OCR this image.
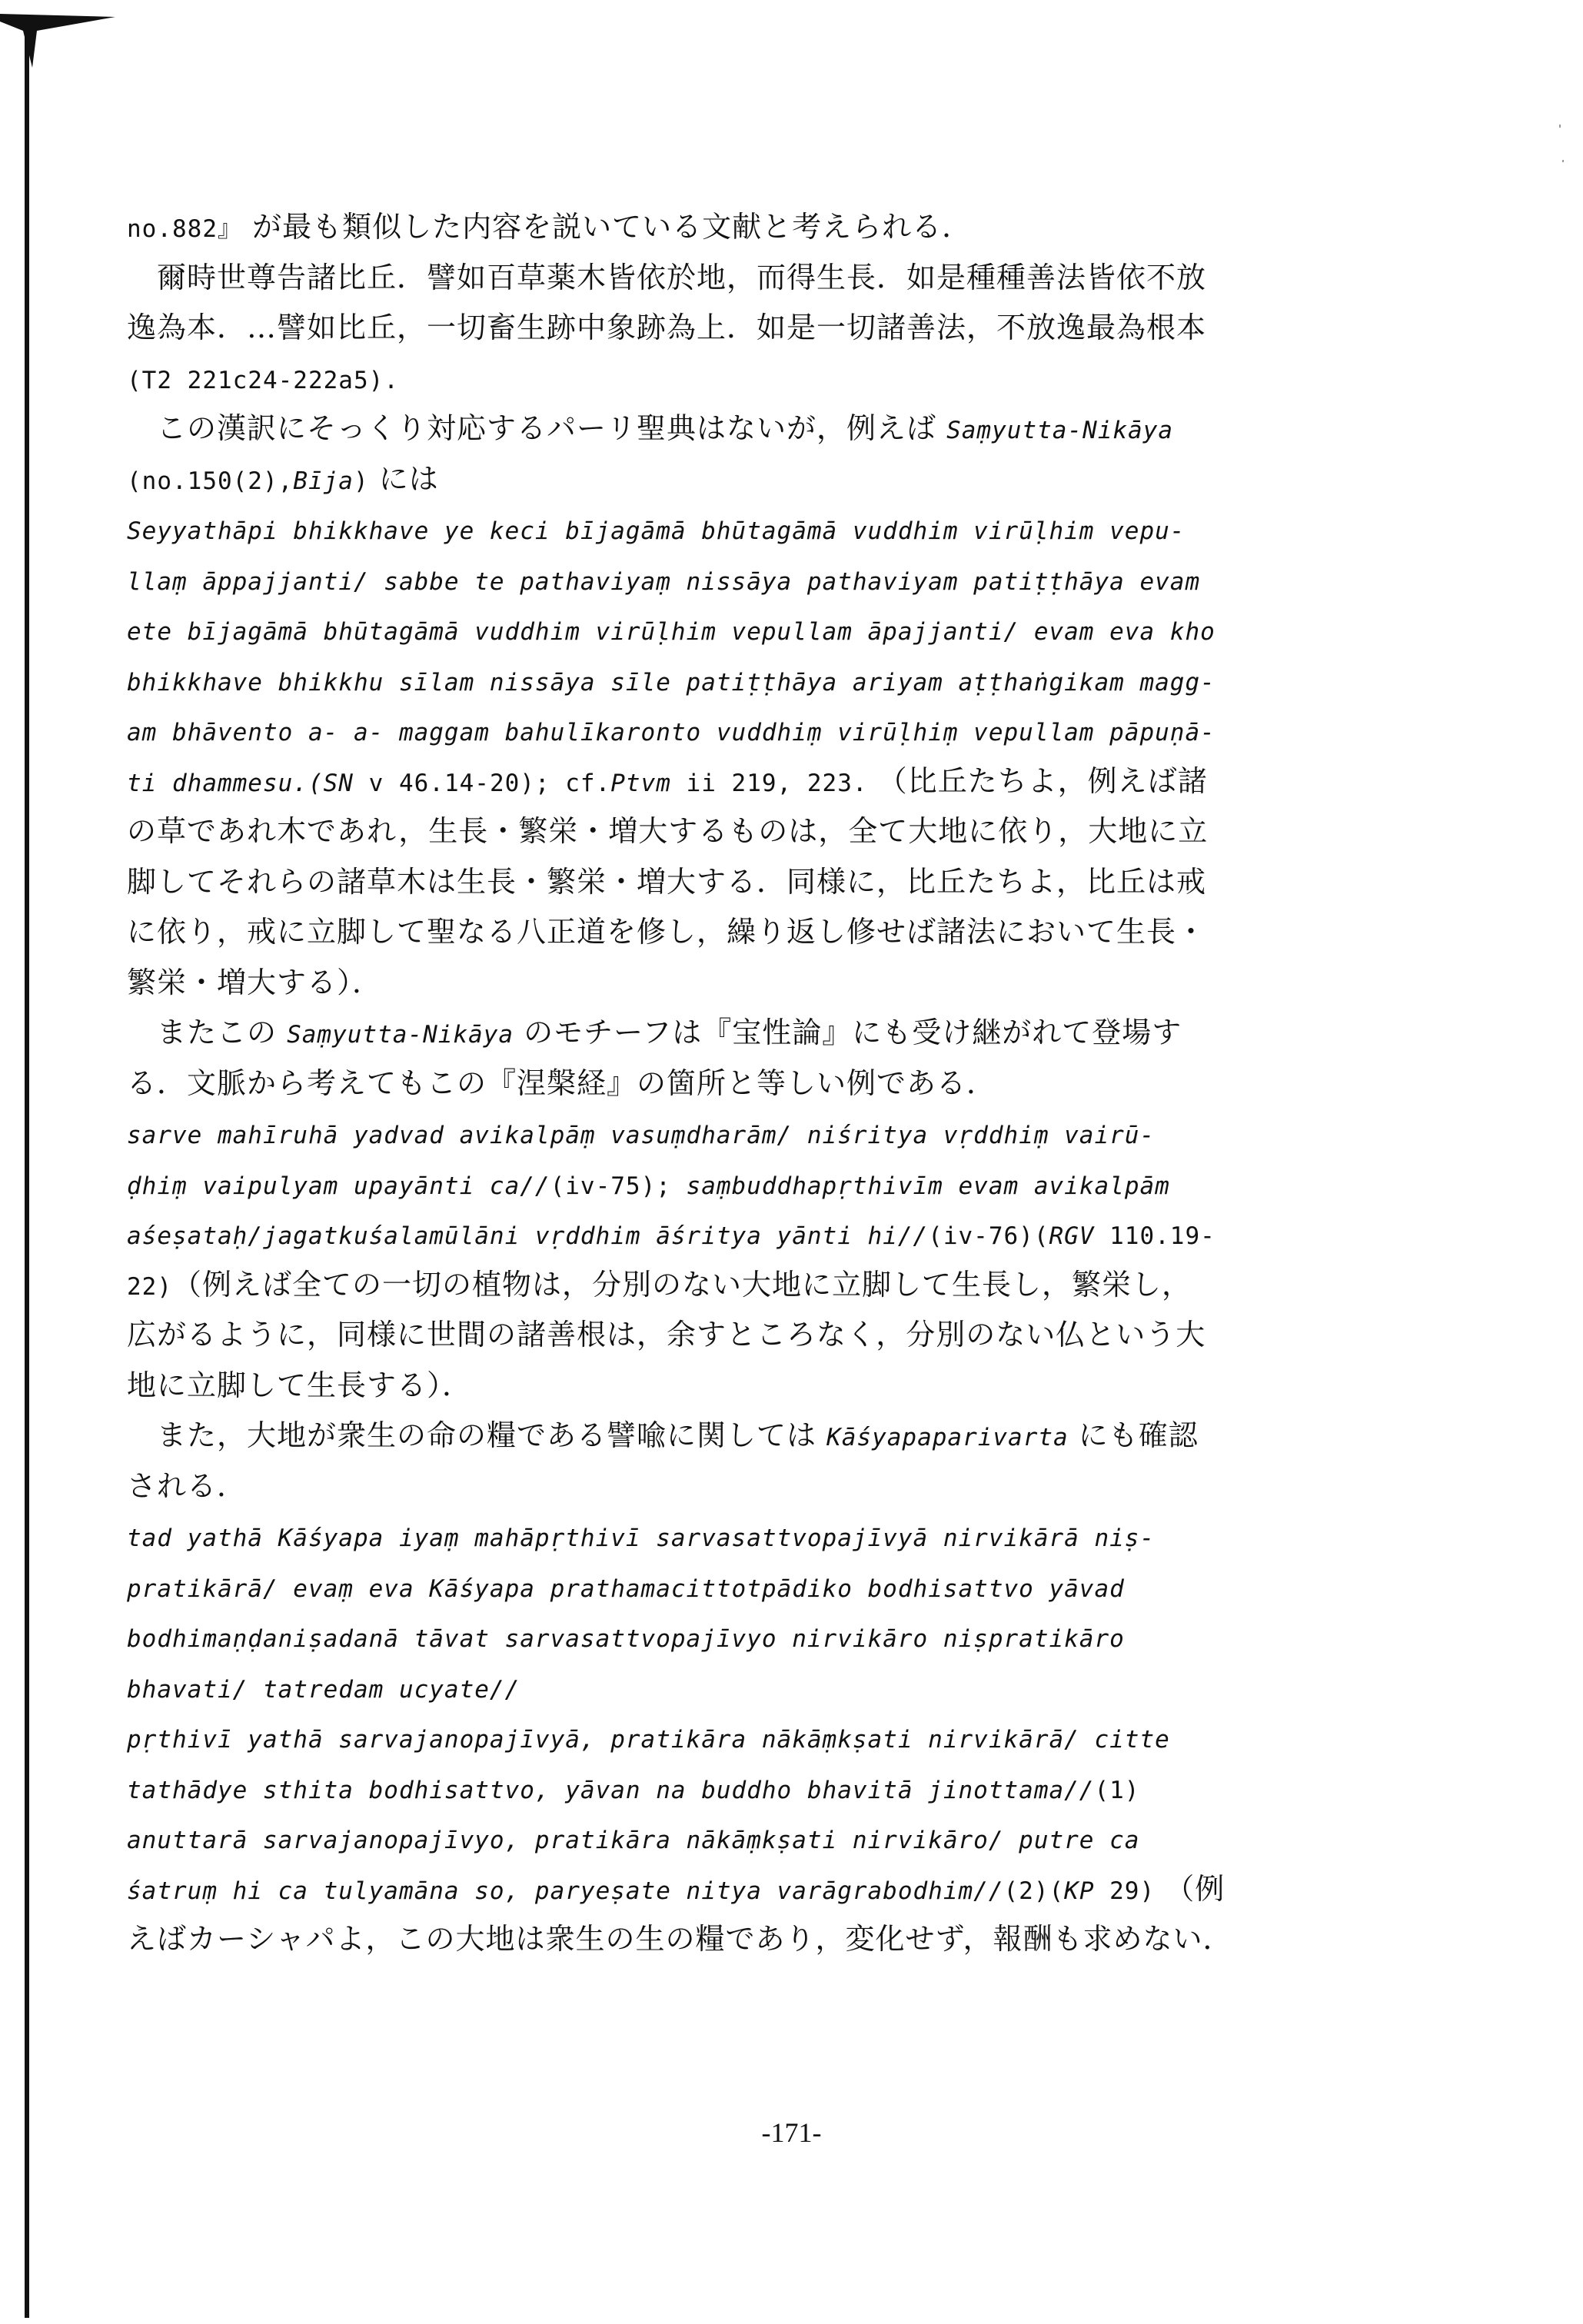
no.882』 が最も類似した内容を説いている文献と考えられる．
　爾時世尊告諸比丘．譬如百草薬木皆依於地，而得生長．如是種種善法皆依不放
逸為本．…譬如比丘，一切畜生跡中象跡為上．如是一切諸善法，不放逸最為根本
(T2 221c24-222a5).
　この漢訳にそっくり対応するパーリ聖典はないが，例えば Saṃyutta-Nikāya
(no.150(2),Bīja) には
Seyyathāpi bhikkhave ye keci bījagāmā bhūtagāmā vuddhim virūḷhim vepu-
llaṃ āppajjanti/ sabbe te pathaviyaṃ nissāya pathaviyam patiṭṭhāya evam
ete bījagāmā bhūtagāmā vuddhim virūḷhim vepullam āpajjanti/ evam eva kho
bhikkhave bhikkhu sīlam nissāya sīle patiṭṭhāya ariyam aṭṭhaṅgikam magg-
am bhāvento a- a- maggam bahulīkaronto vuddhiṃ virūḷhiṃ vepullam pāpuṇā-
ti dhammesu.(SN v 46.14-20); cf.Ptvm ii 219, 223. （比丘たちよ，例えば諸
の草であれ木であれ，生長・繁栄・増大するものは，全て大地に依り，大地に立
脚してそれらの諸草木は生長・繁栄・増大する．同様に，比丘たちよ，比丘は戒
に依り，戒に立脚して聖なる八正道を修し，繰り返し修せば諸法において生長・
繁栄・増大する）．
　またこの Saṃyutta-Nikāya のモチーフは『宝性論』にも受け継がれて登場す
る．文脈から考えてもこの『涅槃経』の箇所と等しい例である．
sarve mahīruhā yadvad avikalpāṃ vasuṃdharām/ niśritya vṛddhiṃ vairū-
ḍhiṃ vaipulyam upayānti ca//(iv-75); saṃbuddhapṛthivīm evam avikalpām
aśeṣataḥ/jagatkuśalamūlāni vṛddhim āśritya yānti hi//(iv-76)(RGV 110.19-
22)（例えば全ての一切の植物は，分別のない大地に立脚して生長し，繁栄し，
広がるように，同様に世間の諸善根は，余すところなく，分別のない仏という大
地に立脚して生長する）．
　また，大地が衆生の命の糧である譬喩に関しては Kāśyapaparivarta にも確認
される．
tad yathā Kāśyapa iyaṃ mahāpṛthivī sarvasattvopajīvyā nirvikārā niṣ-
pratikārā/ evaṃ eva Kāśyapa prathamacittotpādiko bodhisattvo yāvad
bodhimaṇḍaniṣadanā tāvat sarvasattvopajīvyo nirvikāro niṣpratikāro
bhavati/ tatredam ucyate//
pṛthivī yathā sarvajanopajīvyā, pratikāra nākāṃkṣati nirvikārā/ citte
tathādye sthita bodhisattvo, yāvan na buddho bhavitā jinottama//(1)
anuttarā sarvajanopajīvyo, pratikāra nākāṃkṣati nirvikāro/ putre ca
śatruṃ hi ca tulyamāna so, paryeṣate nitya varāgrabodhim//(2)(KP 29) （例
えばカーシャパよ，この大地は衆生の生の糧であり，変化せず，報酬も求めない．
-171-
